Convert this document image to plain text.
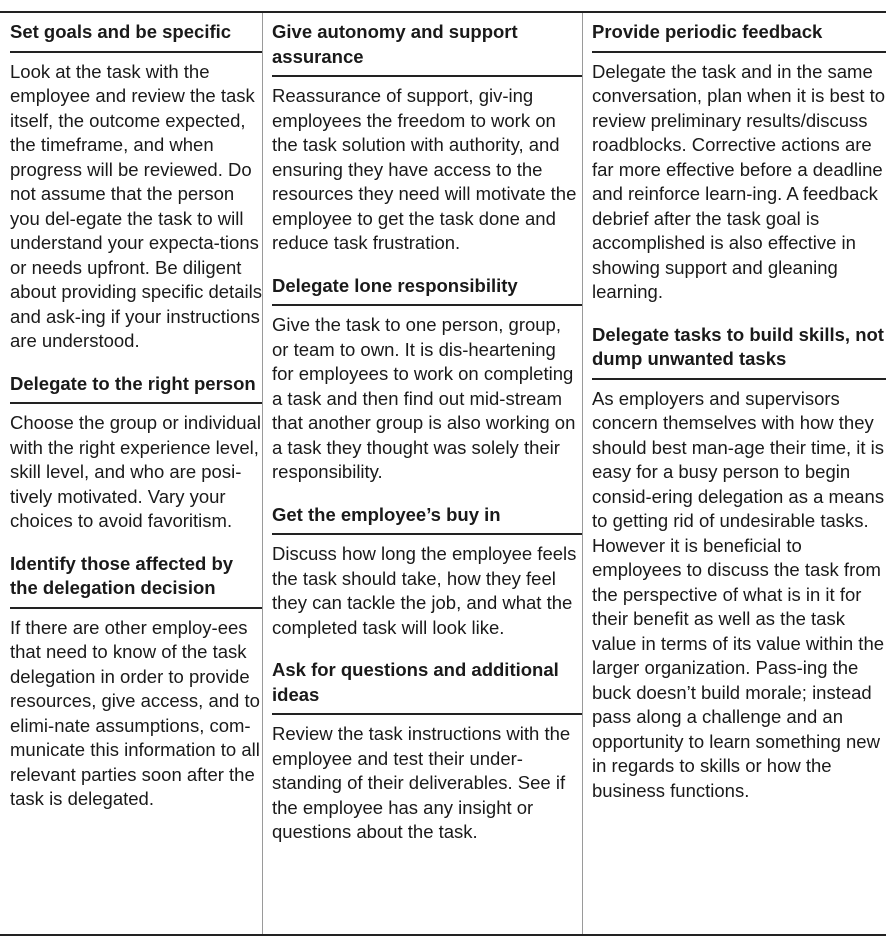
Set goals and be specific

Look at the task with the employee and review the task itself, the outcome expected, the timeframe, and when progress will be reviewed. Do not assume that the person you del-​egate the task to will understand your expecta-​tions or needs upfront. Be diligent about providing specific details and ask-​ing if your instructions are understood.

Delegate to the right person

Choose the group or individual with the right experience level, skill level, and who are posi-​tively motivated. Vary your choices to avoid favoritism.

Identify those affected by the delegation decision

If there are other employ-​ees that need to know of the task delegation in order to provide resources, give access, and to elimi-​nate assumptions, com-​municate this information to all relevant parties soon after the task is delegated.

Give autonomy and support assurance

Reassurance of support, giv-​ing employees the freedom to work on the task solution with authority, and ensuring they have access to the resources they need will motivate the employee to get the task done and reduce task frustration.

Delegate lone responsibility

Give the task to one person, group, or team to own. It is dis-​heartening for employees to work on completing a task and then find out mid-stream that another group is also working on a task they thought was solely their responsibility.

Get the employee’s buy in

Discuss how long the employee feels the task should take, how they feel they can tackle the job, and what the completed task will look like.

Ask for questions and additional ideas

Review the task instructions with the employee and test their under-​standing of their deliverables. See if the employee has any insight or questions about the task.

Provide periodic feedback

Delegate the task and in the same conversation, plan when it is best to review preliminary results/discuss roadblocks. Corrective actions are far more effective before a deadline and reinforce learn-​ing. A feedback debrief after the task goal is accomplished is also effective in showing support and gleaning learning.

Delegate tasks to build skills, not dump unwanted tasks

As employers and supervisors concern themselves with how they should best man-​age their time, it is easy for a busy person to begin consid-​ering delegation as a means to getting rid of undesirable tasks. However it is beneficial to employees to discuss the task from the perspective of what is in it for their benefit as well as the task value in terms of its value within the larger organization. Pass-​ing the buck doesn’t build morale; instead pass along a challenge and an opportunity to learn something new in regards to skills or how the business functions.
